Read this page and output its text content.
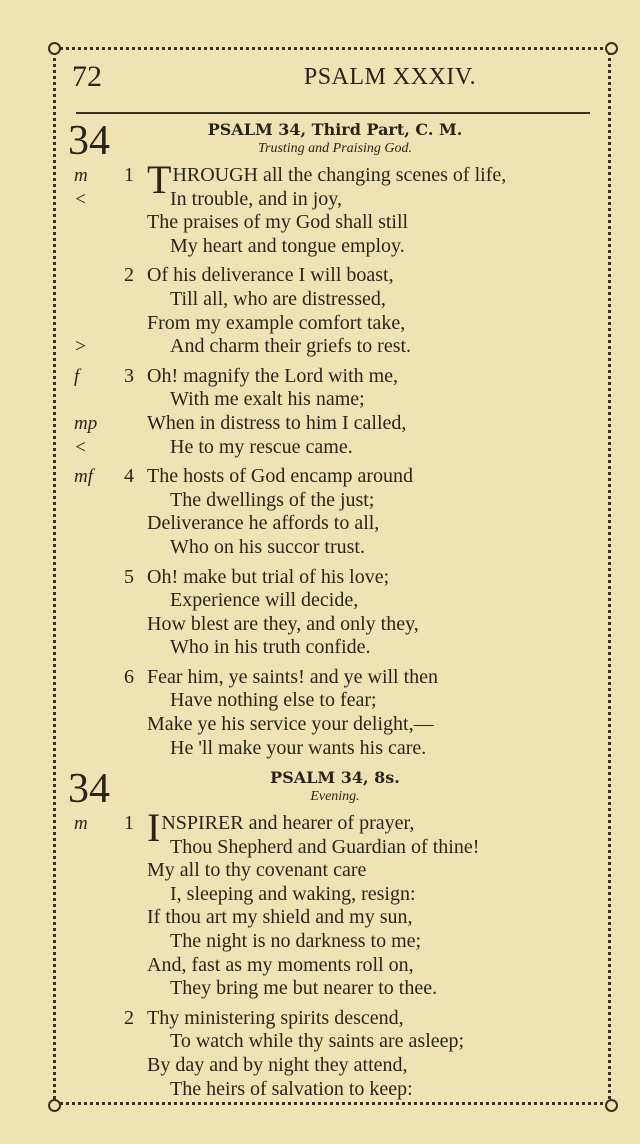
72	PSALM XXXIV.
34	PSALM 34, Third Part, C. M.
Trusting and Praising God.
m 1 THROUGH all the changing scenes of life,
<	In trouble, and in joy,
The praises of my God shall still
My heart and tongue employ.
2 Of his deliverance I will boast,
Till all, who are distressed,
From my example comfort take,
>	And charm their griefs to rest.
f 3 Oh! magnify the Lord with me,
With me exalt his name;
mp When in distress to him I called,
<	He to my rescue came.
mf 4 The hosts of God encamp around
The dwellings of the just;
Deliverance he affords to all,
Who on his succor trust.
5 Oh! make but trial of his love;
Experience will decide,
How blest are they, and only they,
Who in his truth confide.
6 Fear him, ye saints! and ye will then
Have nothing else to fear;
Make ye his service your delight,—
He 'll make your wants his care.
34	PSALM 34, 8s.
Evening.
m 1 INSPIRER and hearer of prayer,
Thou Shepherd and Guardian of thine!
My all to thy covenant care
I, sleeping and waking, resign:
If thou art my shield and my sun,
The night is no darkness to me;
And, fast as my moments roll on,
They bring me but nearer to thee.
2 Thy ministering spirits descend,
To watch while thy saints are asleep;
By day and by night they attend,
The heirs of salvation to keep:
